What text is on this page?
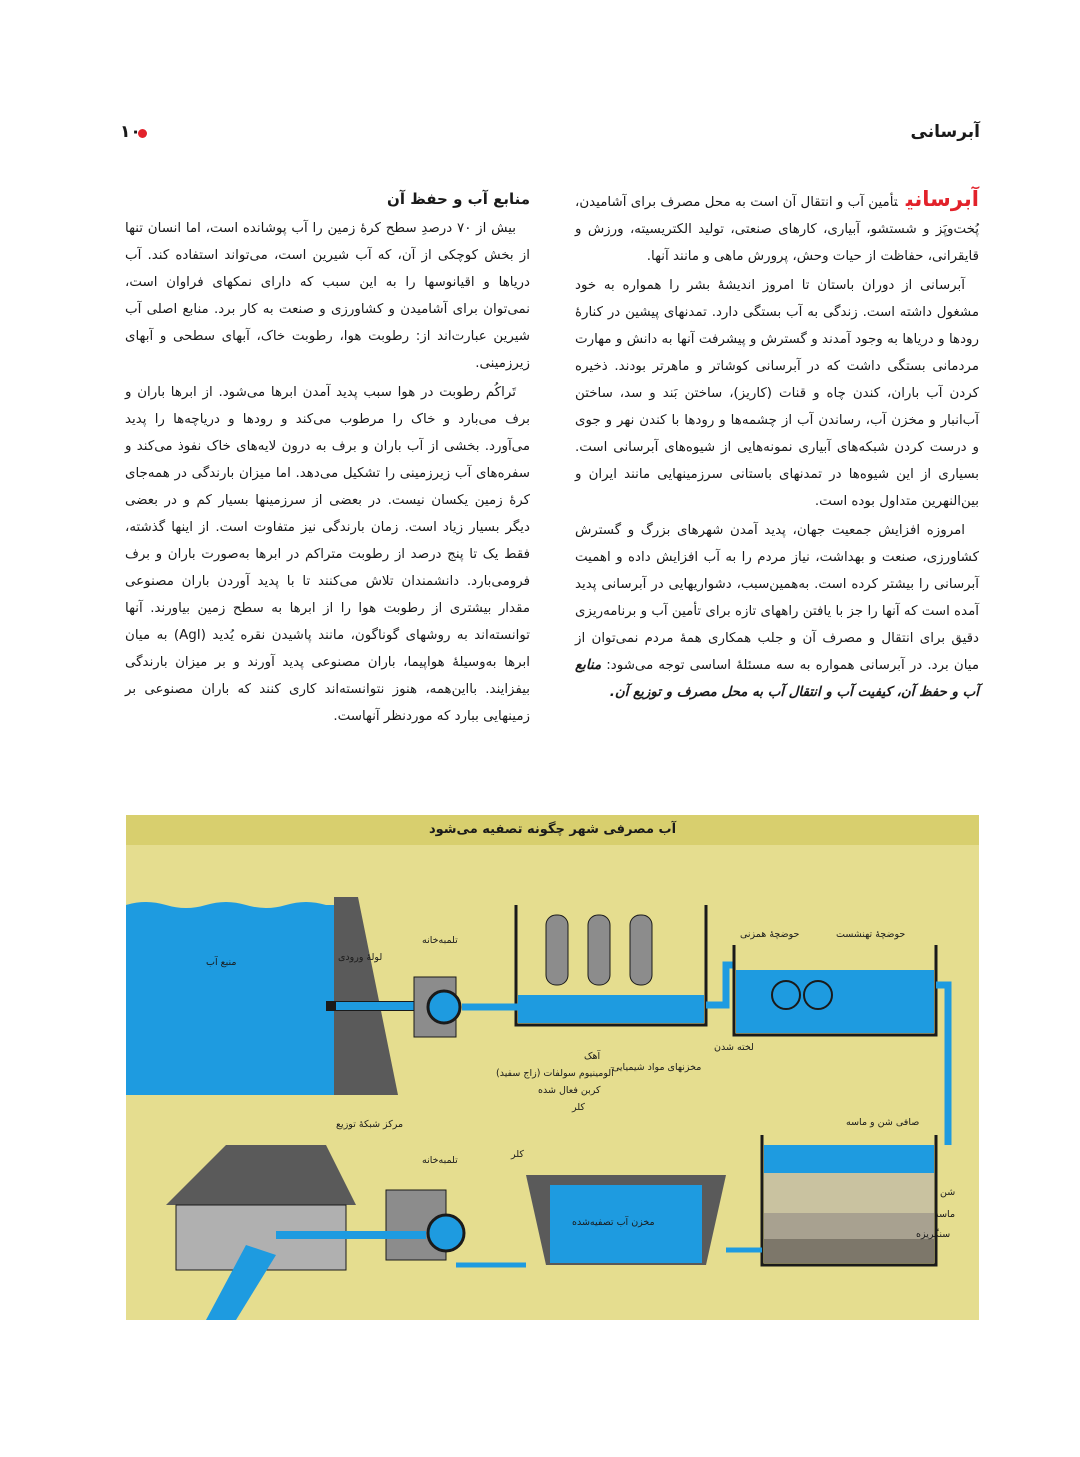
آبرسانی
۱۰

آبرسانیتأمین آب و انتقال آن است به محل مصرف برای آشامیدن، پُخت‌وپَز و شستشو، آبیاری، کارهای صنعتی، تولید الکتریسیته، ورزش و قایقرانی، حفاظت از حیات وحش، پرورش ماهی و مانند آنها.

آبرسانی از دوران باستان تا امروز اندیشهٔ بشر را همواره به خود مشغول داشته است. زندگی به آب بستگی دارد. تمدنهای پیشین در کنارهٔ رودها و دریاها به وجود آمدند و گسترش و پیشرفت آنها به دانش و مهارت مردمانی بستگی داشت که در آبرسانی کوشاتر و ماهرتر بودند. ذخیره کردن آب باران، کندن چاه و قنات (کاریز)، ساختن بَند و سد، ساختن آب‌انبار و مخزن آب، رساندن آب از چشمه‌ها و رودها با کندن نهر و جوی و درست کردن شبکه‌های آبیاری نمونه‌هایی از شیوه‌های آبرسانی است. بسیاری از این شیوه‌ها در تمدنهای باستانی سرزمینهایی مانند ایران و بین‌النهرین متداول بوده است.

امروزه افزایش جمعیت جهان، پدید آمدن شهرهای بزرگ و گسترش کشاورزی، صنعت و بهداشت، نیاز مردم را به آب افزایش داده و اهمیت آبرسانی را بیشتر کرده است. به‌همین‌سبب، دشواریهایی در آبرسانی پدید آمده است که آنها را جز با یافتن راههای تازه برای تأمین آب و برنامه‌ریزی دقیق برای انتقال و مصرف آن و جلب همکاری همهٔ مردم نمی‌توان از میان برد. در آبرسانی همواره به سه مسئلهٔ اساسی توجه می‌شود: منابع آب و حفظ آن، کیفیت آب و انتقال آب به محل مصرف و توزیع آن.

منابع آب و حفظ آن

بیش از ۷۰ درصدِ سطح کرهٔ زمین را آب پوشانده است، اما انسان تنها از بخش کوچکی از آن، که آب شیرین است، می‌تواند استفاده کند. آب دریاها و اقیانوسها را به این سبب که دارای نمکهای فراوان است، نمی‌توان برای آشامیدن و کشاورزی و صنعت به کار برد. منابع اصلی آب شیرین عبارت‌اند از: رطوبت هوا، رطوبت خاک، آبهای سطحی و آبهای زیرزمینی.

تَراکُم رطوبت در هوا سبب پدید آمدن ابرها می‌شود. از ابرها باران و برف می‌بارد و خاک را مرطوب می‌کند و رودها و دریاچه‌ها را پدید می‌آورد. بخشی از آب باران و برف به درون لایه‌های خاک نفوذ می‌کند و سفره‌های آب زیرزمینی را تشکیل می‌دهد. اما میزان بارندگی در همه‌جای کرهٔ زمین یکسان نیست. در بعضی از سرزمینها بسیار کم و در بعضی دیگر بسیار زیاد است. زمان بارندگی نیز متفاوت است. از اینها گذشته، فقط یک تا پنج درصد از رطوبت متراکم در ابرها به‌صورت باران و برف فرومی‌بارد. دانشمندان تلاش می‌کنند تا با پدید آوردن باران مصنوعی مقدار بیشتری از رطوبت هوا را از ابرها به سطح زمین بیاورند. آنها توانسته‌اند به روشهای گوناگون، مانند پاشیدن نقره یُدید (AgI) به میان ابرها به‌وسیلهٔ هواپیما، باران مصنوعی پدید آورند و بر میزان بارندگی بیفزایند. بااین‌همه، هنوز نتوانسته‌اند کاری کنند که باران مصنوعی بر زمینهایی ببارد که موردنظر آنهاست.

آب مصرفی شهر چگونه تصفیه می‌شود
منبع آب	لولهٔ ورودی
تلمبه‌خانه
حوضچهٔ همزنی	حوضچهٔ تهنشست
لخته شدن
مخزنهای مواد شیمیایی
آهک
آلومینیوم سولفات (زاج سفید)
کربن فعال شده
کلر
صافی شن و ماسه
شن
ماسه
سنگریزه
مرکز شبکهٔ توزیع
تلمبه‌خانه
کلر
مخزن آب تصفیه‌شده
